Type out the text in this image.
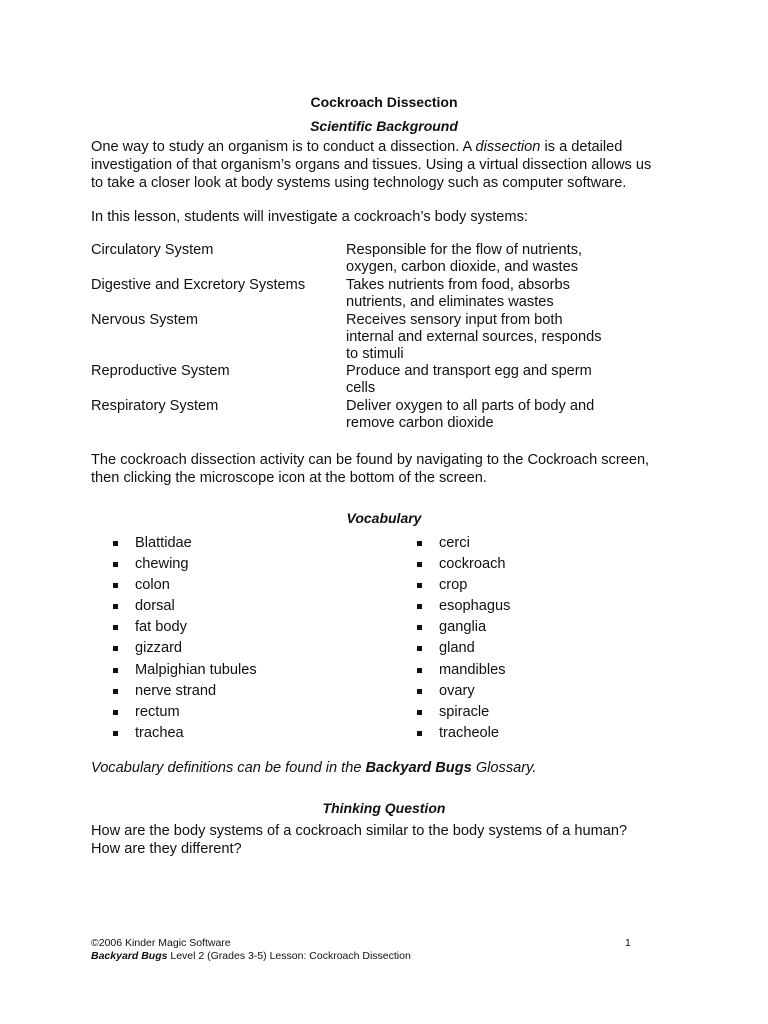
Cockroach Dissection
Scientific Background
One way to study an organism is to conduct a dissection. A dissection is a detailed
investigation of that organism’s organs and tissues. Using a virtual dissection allows us
to take a closer look at body systems using technology such as computer software.
In this lesson, students will investigate a cockroach’s body systems:
Circulatory System	Responsible for the flow of nutrients,
oxygen, carbon dioxide, and wastes
Digestive and Excretory Systems	Takes nutrients from food, absorbs
nutrients, and eliminates wastes
Nervous System	Receives sensory input from both
internal and external sources, responds
to stimuli
Reproductive System	Produce and transport egg and sperm
cells
Respiratory System	Deliver oxygen to all parts of body and
remove carbon dioxide
The cockroach dissection activity can be found by navigating to the Cockroach screen,
then clicking the microscope icon at the bottom of the screen.
Vocabulary
Blattidae
chewing
colon
dorsal
fat body
gizzard
Malpighian tubules
nerve strand
rectum
trachea
cerci
cockroach
crop
esophagus
ganglia
gland
mandibles
ovary
spiracle
tracheole
Vocabulary definitions can be found in the Backyard Bugs Glossary.
Thinking Question
How are the body systems of a cockroach similar to the body systems of a human?
How are they different?
©2006 Kinder Magic Software	1
Backyard Bugs Level 2 (Grades 3-5) Lesson: Cockroach Dissection
